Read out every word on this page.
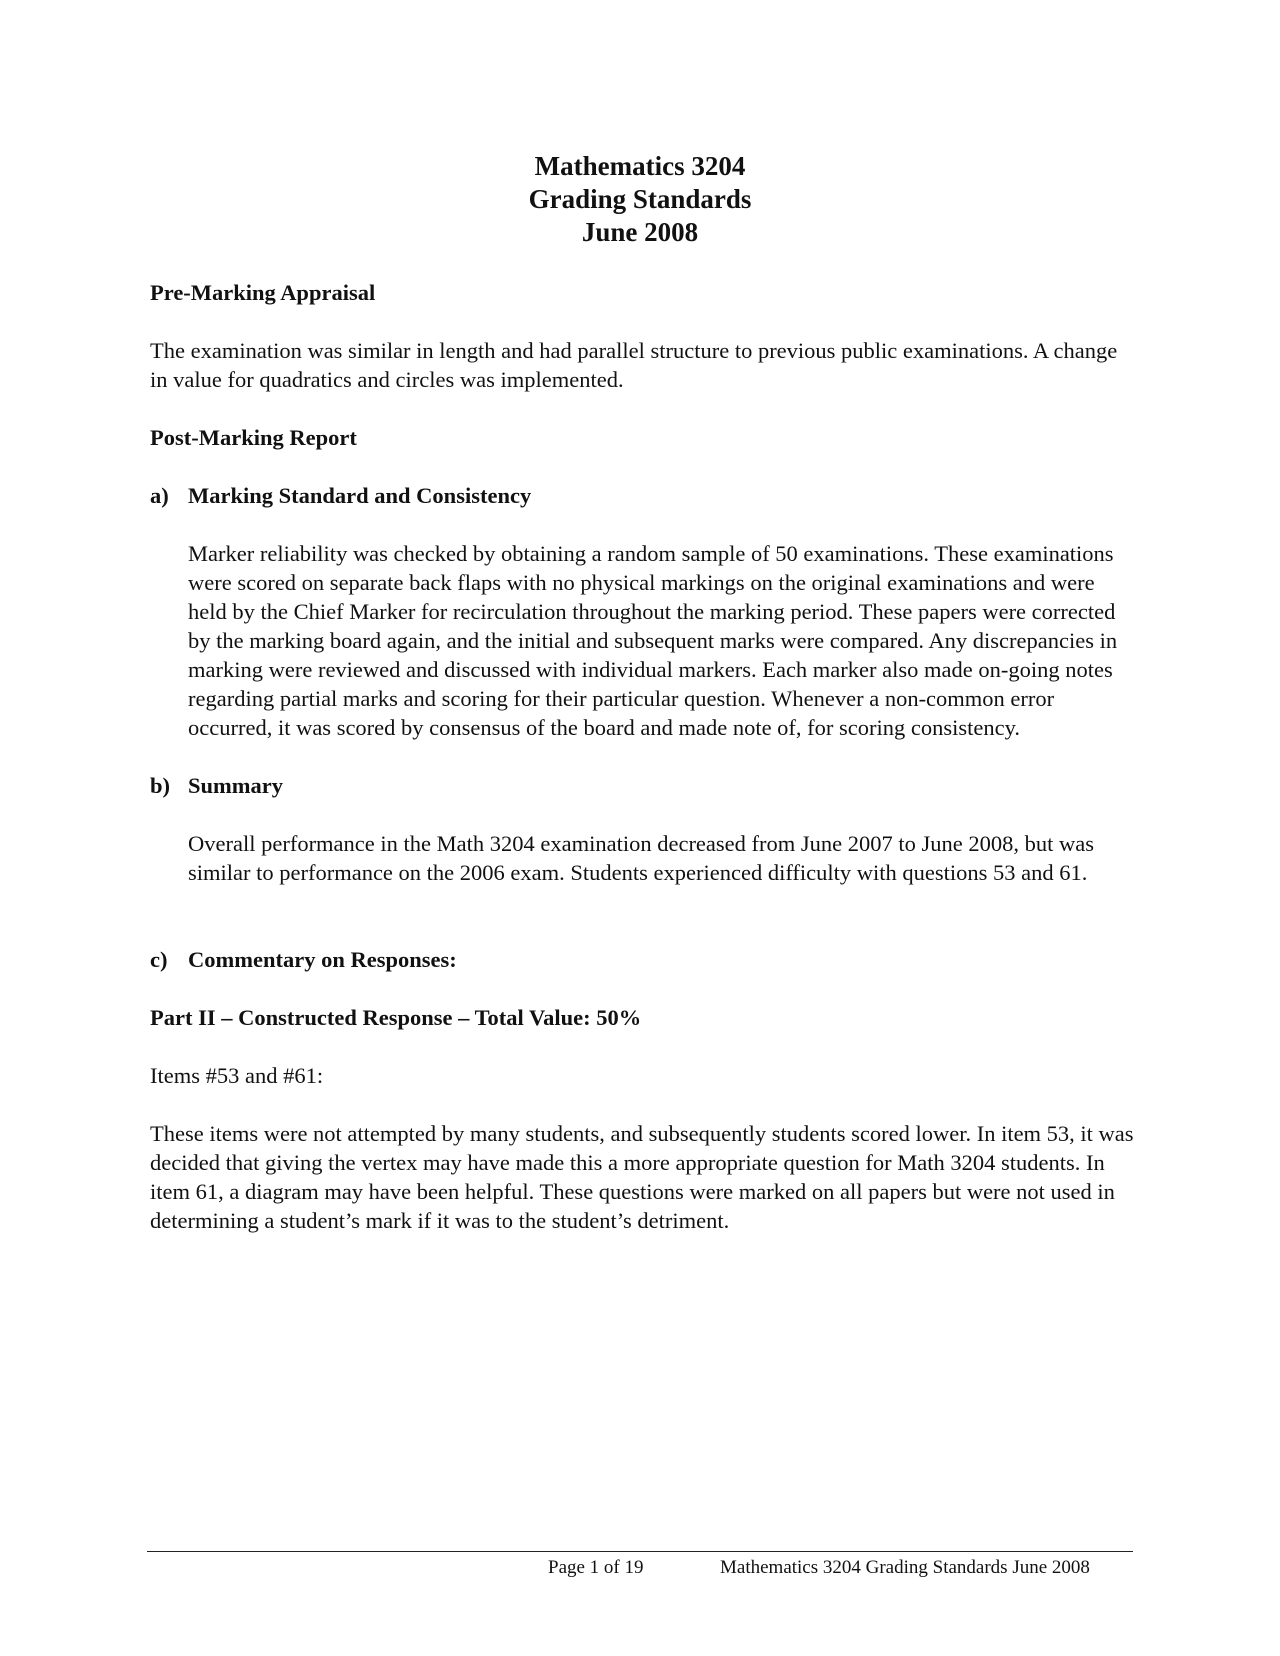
Mathematics 3204
Grading Standards
June 2008
Pre-Marking Appraisal

The examination was similar in length and had parallel structure to previous public examinations. A change in value for quadratics and circles was implemented.

Post-Marking Report
a) Marking Standard and Consistency

Marker reliability was checked by obtaining a random sample of 50 examinations. These examinations were scored on separate back flaps with no physical markings on the original examinations and were held by the Chief Marker for recirculation throughout the marking period. These papers were corrected by the marking board again, and the initial and subsequent marks were compared. Any discrepancies in marking were reviewed and discussed with individual markers. Each marker also made on-going notes regarding partial marks and scoring for their particular question. Whenever a non-common error occurred, it was scored by consensus of the board and made note of, for scoring consistency.

b) Summary

Overall performance in the Math 3204 examination decreased from June 2007 to June 2008, but was similar to performance on the 2006 exam. Students experienced difficulty with questions 53 and 61.

c) Commentary on Responses:
Part II – Constructed Response – Total Value: 50%

Items #53 and #61:

These items were not attempted by many students, and subsequently students scored lower. In item 53, it was decided that giving the vertex may have made this a more appropriate question for Math 3204 students. In item 61, a diagram may have been helpful. These questions were marked on all papers but were not used in determining a student’s mark if it was to the student’s detriment.

Page 1 of 19	Mathematics 3204 Grading Standards June 2008
